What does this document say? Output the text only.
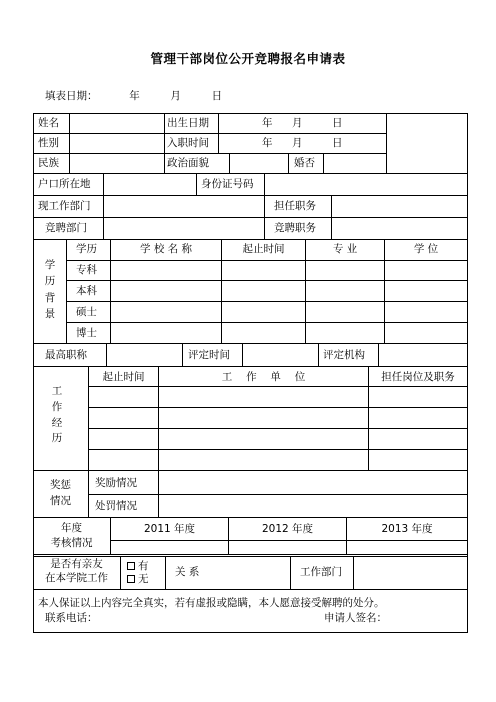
管理干部岗位公开竞聘报名申请表
填表日期：	年	月	日
姓名	出生日期	年 月	日
性别	入职时间	年 月	日
民族	政治面貌	婚否
户口所在地	身份证号码
现工作部门	担任职务
竞聘部门	竞聘职务
学
历
背
景
学历	学 校 名 称	起止时间	专 业	学 位
专科
本科
硕士
博士
最高职称	评定时间	评定机构
工
作
经
历
起止时间	工　 作　 单　 位	担任岗位及职务
奖惩
情况
奖励情况
处罚情况
年度
考核情况
2011 年度	2012 年度	2013 年度
是否有亲友
在本学院工作
有
无
关 系	工作部门
本人保证以上内容完全真实，若有虚报或隐瞒，本人愿意接受解聘的处分。
联系电话：	申请人签名：
